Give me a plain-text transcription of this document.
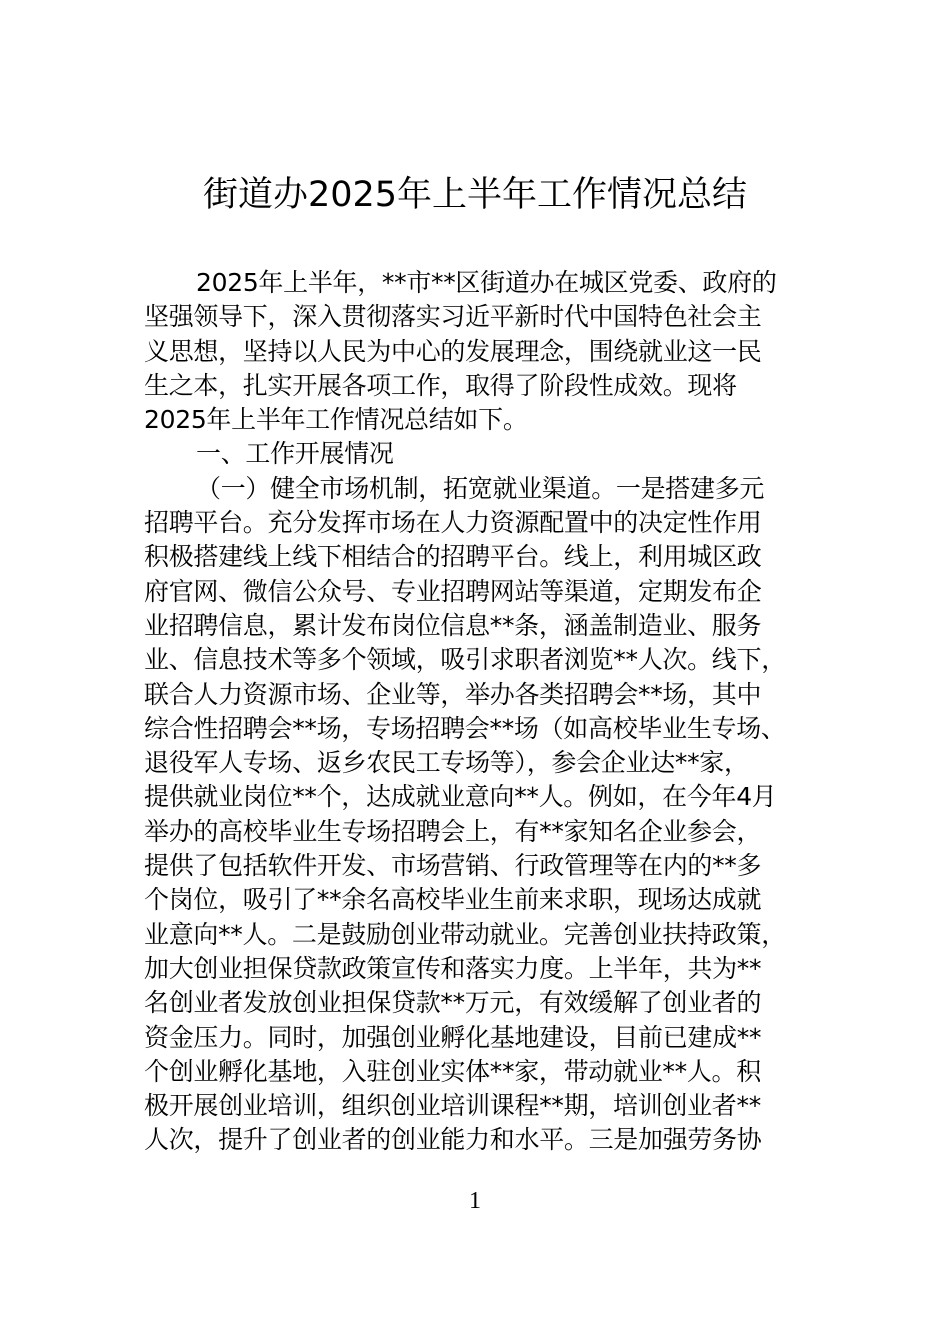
街道办2025年上半年工作情况总结
2025年上半年，**市**区街道办在城区党委、政府的
坚强领导下，深入贯彻落实习近平新时代中国特色社会主
义思想，坚持以人民为中心的发展理念，围绕就业这一民
生之本，扎实开展各项工作，取得了阶段性成效。现将
2025年上半年工作情况总结如下。
一、工作开展情况
（一）健全市场机制，拓宽就业渠道。一是搭建多元
招聘平台。充分发挥市场在人力资源配置中的决定性作用
积极搭建线上线下相结合的招聘平台。线上，利用城区政
府官网、微信公众号、专业招聘网站等渠道，定期发布企
业招聘信息，累计发布岗位信息**条，涵盖制造业、服务
业、信息技术等多个领域，吸引求职者浏览**人次。线下，
联合人力资源市场、企业等，举办各类招聘会**场，其中
综合性招聘会**场，专场招聘会**场（如高校毕业生专场、
退役军人专场、返乡农民工专场等），参会企业达**家，
提供就业岗位**个，达成就业意向**人。例如，在今年4月
举办的高校毕业生专场招聘会上，有**家知名企业参会，
提供了包括软件开发、市场营销、行政管理等在内的**多
个岗位，吸引了**余名高校毕业生前来求职，现场达成就
业意向**人。二是鼓励创业带动就业。完善创业扶持政策，
加大创业担保贷款政策宣传和落实力度。上半年，共为**
名创业者发放创业担保贷款**万元，有效缓解了创业者的
资金压力。同时，加强创业孵化基地建设，目前已建成**
个创业孵化基地，入驻创业实体**家，带动就业**人。积
极开展创业培训，组织创业培训课程**期，培训创业者**
人次，提升了创业者的创业能力和水平。三是加强劳务协
1
